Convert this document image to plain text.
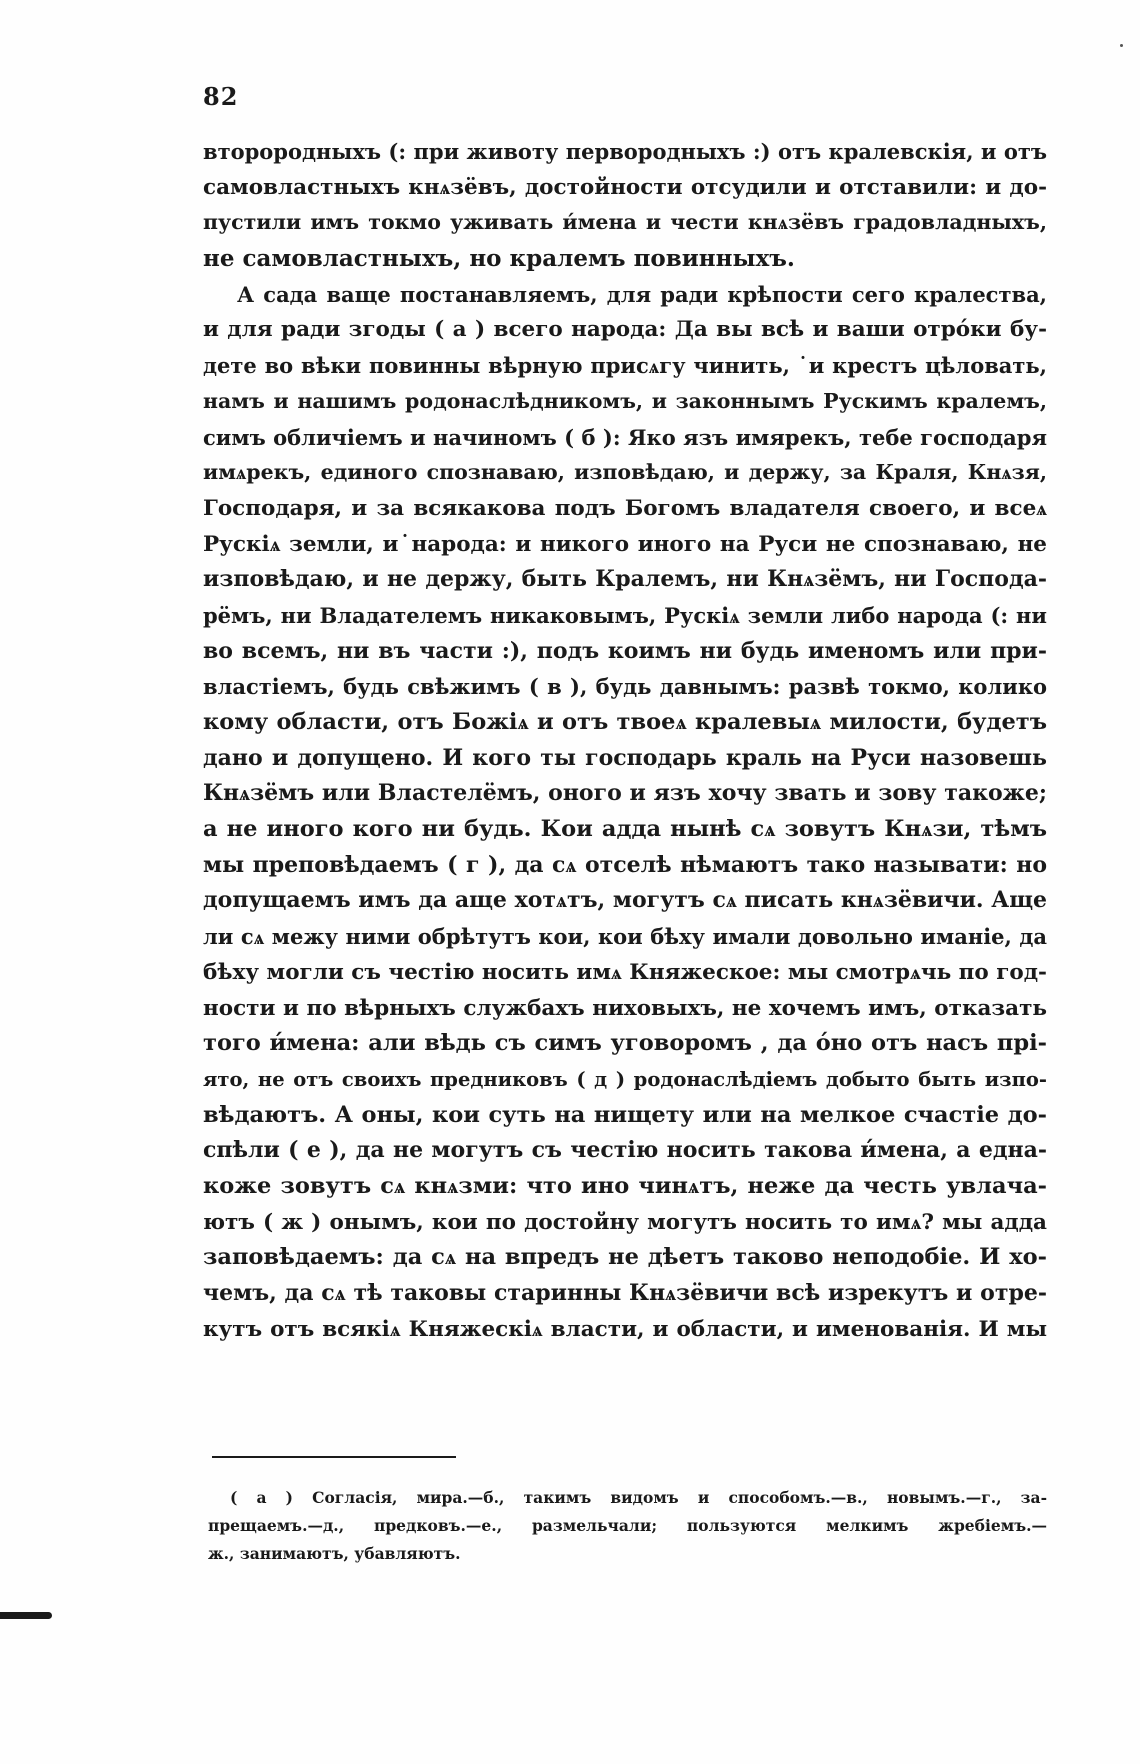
82
второродныхъ (: при животу первородныхъ :) отъ кралевскія, и отъ
самовластныхъ кнѧзёвъ, достойности отсудили и отставили: и до-
пустили имъ токмо уживать и́мена и чести кнѧзёвъ градовладныхъ,
не самовластныхъ, но кралемъ повинныхъ.
А сада ваще постанавляемъ, для ради крѣпости сего кралества,
и для ради згоды ( а ) всего народа: Да вы всѣ и ваши отро́ки бу-
дете во вѣки повинны вѣрную присѧгу чинить, ˙и крестъ цѣловать,
намъ и нашимъ родонаслѣдникомъ, и законнымъ Рускимъ кралемъ,
симъ обличіемъ и начиномъ ( б ): Яко язъ имярекъ, тебе господаря
имѧрекъ, единого спознаваю, изповѣдаю, и держу, за Краля, Кнѧзя,
Господаря, и за всякакова подъ Богомъ владателя своего, и всеѧ
Рускіѧ земли, и˙народа: и никого иного на Руси не спознаваю, не
изповѣдаю, и не держу, быть Кралемъ, ни Кнѧзёмъ, ни Господа-
рёмъ, ни Владателемъ никаковымъ, Рускіѧ земли либо народа (: ни
во всемъ, ни въ части :), подъ коимъ ни будь именомъ или при-
властіемъ, будь свѣжимъ ( в ), будь давнымъ: развѣ токмо, колико
кому области, отъ Божіѧ и отъ твоеѧ кралевыѧ милости, будетъ
дано и допущено. И кого ты господарь краль на Руси назовешь
Кнѧзёмъ или Властелёмъ, оного и язъ хочу звать и зову такоже;
а не иного кого ни будь. Кои адда нынѣ сѧ зовутъ Кнѧзи, тѣмъ
мы преповѣдаемъ ( г ), да сѧ отселѣ нѣмаютъ тако называти: но
допущаемъ имъ да аще хотѧтъ, могутъ сѧ писать кнѧзёвичи. Аще
ли сѧ межу ними обрѣтутъ кои, кои бѣху имали довольно иманіе, да
бѣху могли съ честію носить имѧ Княжеское: мы смотрѧчь по год-
ности и по вѣрныхъ службахъ ниховыхъ, не хочемъ имъ, отказать
того и́мена: али вѣдь съ симъ уговоромъ , да о́но отъ насъ прі-
ято, не отъ своихъ предниковъ ( д ) родонаслѣдіемъ добыто быть изпо-
вѣдаютъ. А оны, кои суть на нищету или на мелкое счастіе до-
спѣли ( е ), да не могутъ съ честію носить такова и́мена, а една-
коже зовутъ сѧ кнѧзми: что ино чинѧтъ, неже да честь увлача-
ютъ ( ж ) онымъ, кои по достойну могутъ носить то имѧ? мы адда
заповѣдаемъ: да сѧ на впредъ не дѣетъ таково неподобіе. И хо-
чемъ, да сѧ тѣ таковы старинны Кнѧзёвичи всѣ изрекутъ и отре-
кутъ отъ всякіѧ Княжескіѧ власти, и области, и именованія. И мы
( а ) Согласія, мира.—б., такимъ видомъ и способомъ.—в., новымъ.—г., за-
прещаемъ.—д., предковъ.—е., размельчали; пользуются мелкимъ жребіемъ.—
ж., занимаютъ, убавляютъ.
